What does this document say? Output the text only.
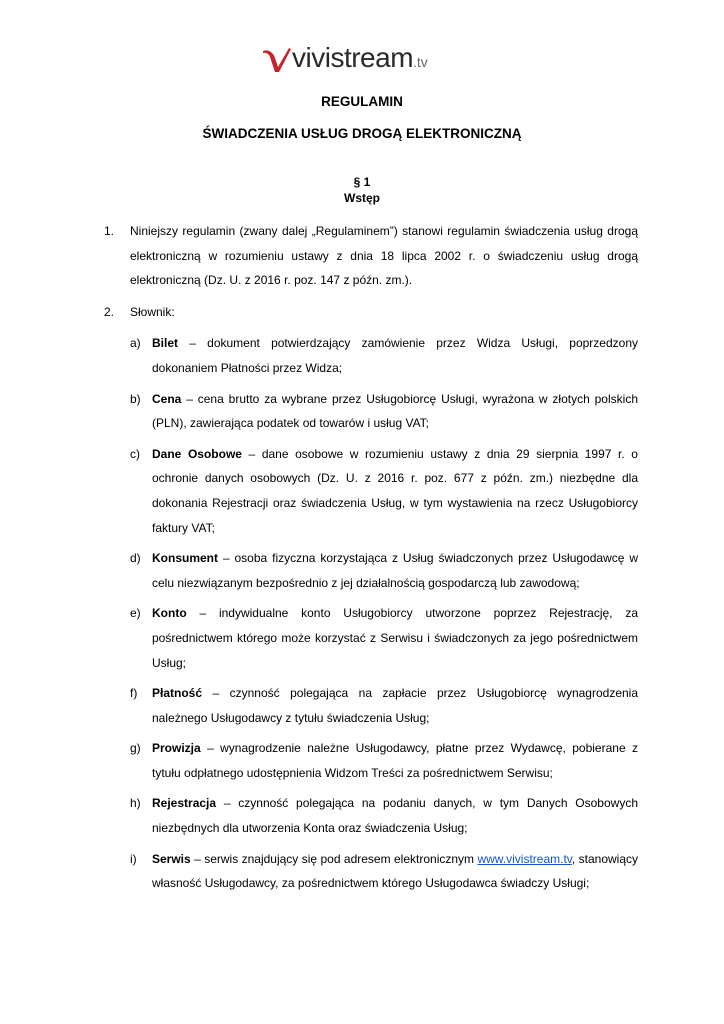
vivistream.tv
REGULAMIN
ŚWIADCZENIA USŁUG DROGĄ ELEKTRONICZNĄ
§ 1
Wstęp
1. Niniejszy regulamin (zwany dalej „Regulaminem”) stanowi regulamin świadczenia usług drogą elektroniczną w rozumieniu ustawy z dnia 18 lipca 2002 r. o świadczeniu usług drogą elektroniczną (Dz. U. z 2016 r. poz. 147 z późn. zm.).
2. Słownik:
a) Bilet – dokument potwierdzający zamówienie przez Widza Usługi, poprzedzony dokonaniem Płatności przez Widza;
b) Cena – cena brutto za wybrane przez Usługobiorcę Usługi, wyrażona w złotych polskich (PLN), zawierająca podatek od towarów i usług VAT;
c) Dane Osobowe – dane osobowe w rozumieniu ustawy z dnia 29 sierpnia 1997 r. o ochronie danych osobowych (Dz. U. z 2016 r. poz. 677 z późn. zm.) niezbędne dla dokonania Rejestracji oraz świadczenia Usług, w tym wystawienia na rzecz Usługobiorcy faktury VAT;
d) Konsument – osoba fizyczna korzystająca z Usług świadczonych przez Usługodawcę w celu niezwiązanym bezpośrednio z jej działalnością gospodarczą lub zawodową;
e) Konto – indywidualne konto Usługobiorcy utworzone poprzez Rejestrację, za pośrednictwem którego może korzystać z Serwisu i świadczonych za jego pośrednictwem Usług;
f) Płatność – czynność polegająca na zapłacie przez Usługobiorcę wynagrodzenia należnego Usługodawcy z tytułu świadczenia Usług;
g) Prowizja – wynagrodzenie należne Usługodawcy, płatne przez Wydawcę, pobierane z tytułu odpłatnego udostępnienia Widzom Treści za pośrednictwem Serwisu;
h) Rejestracja – czynność polegająca na podaniu danych, w tym Danych Osobowych niezbędnych dla utworzenia Konta oraz świadczenia Usług;
i) Serwis – serwis znajdujący się pod adresem elektronicznym www.vivistream.tv, stanowiący własność Usługodawcy, za pośrednictwem którego Usługodawca świadczy Usługi;
